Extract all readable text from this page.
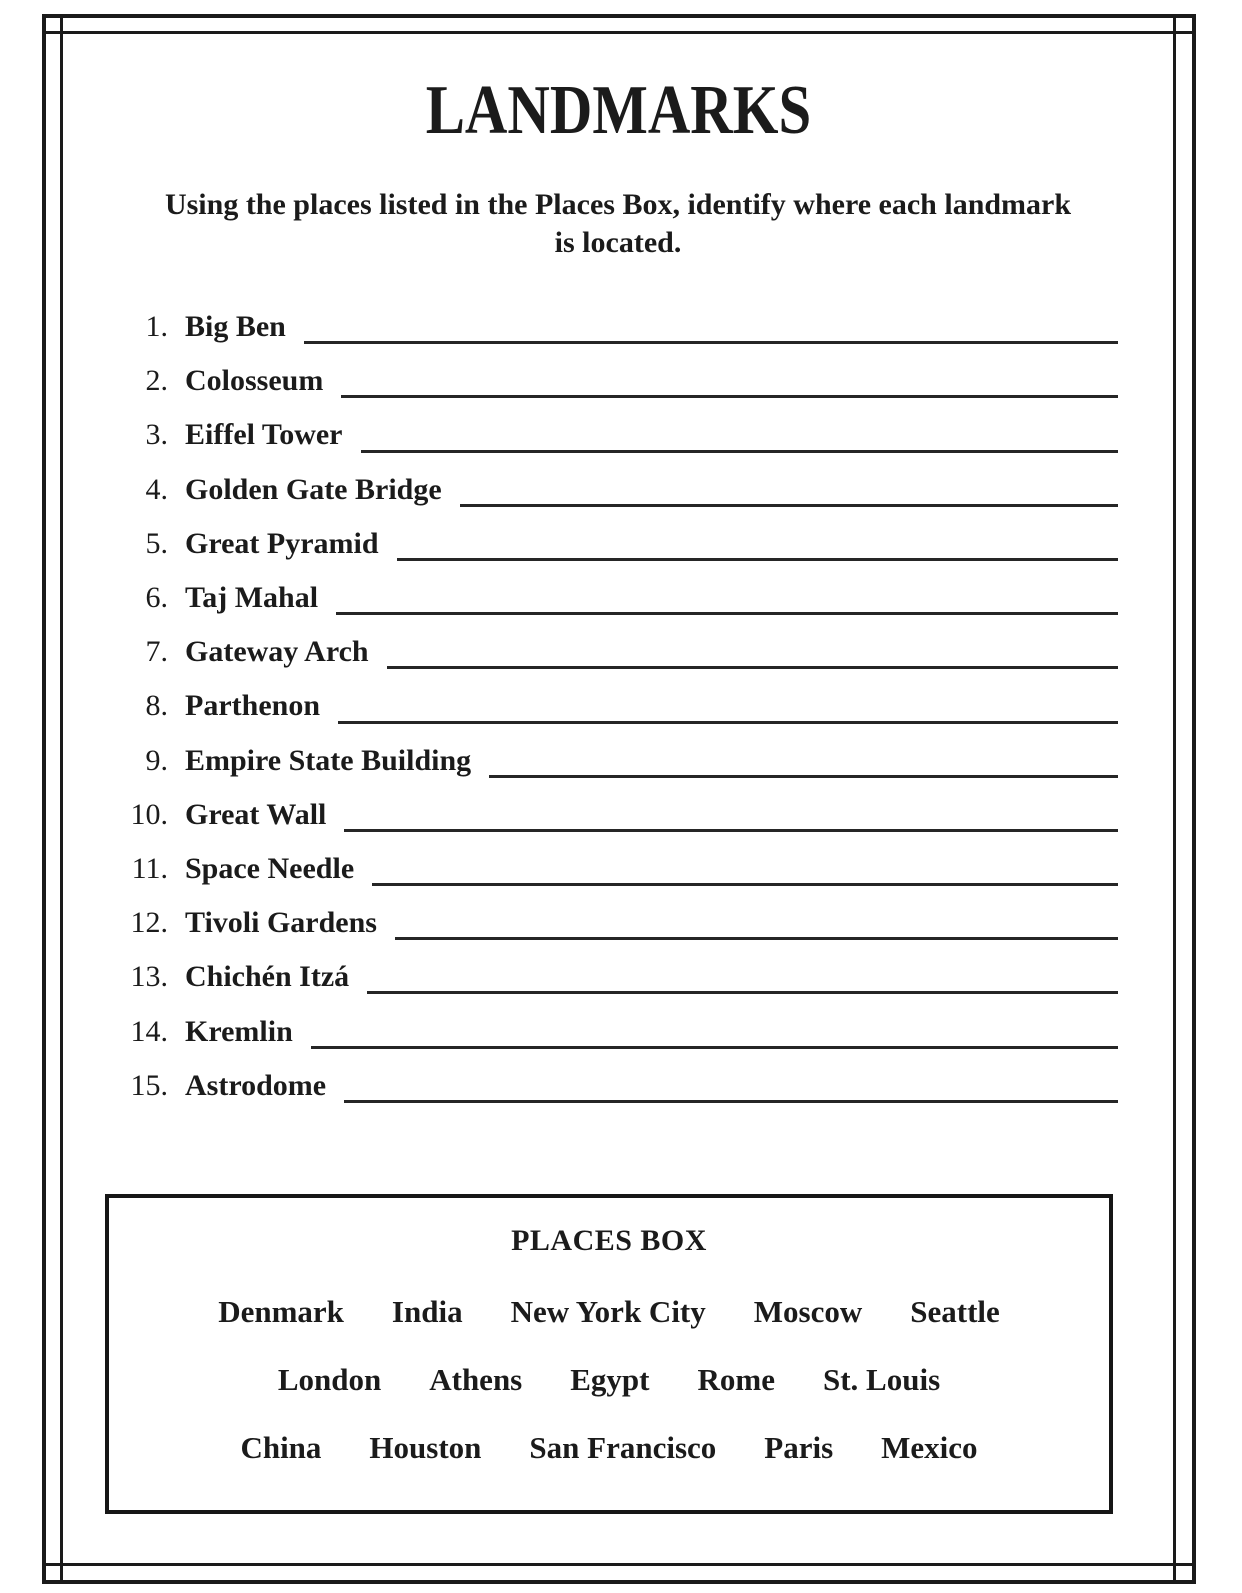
LANDMARKS
Using the places listed in the Places Box, identify where each landmark
is located.
1. Big Ben
2. Colosseum
3. Eiffel Tower
4. Golden Gate Bridge
5. Great Pyramid
6. Taj Mahal
7. Gateway Arch
8. Parthenon
9. Empire State Building
10. Great Wall
11. Space Needle
12. Tivoli Gardens
13. Chichén Itzá
14. Kremlin
15. Astrodome
PLACES BOX
Denmark India New York City Moscow Seattle
London Athens Egypt Rome St. Louis
China Houston San Francisco Paris Mexico
